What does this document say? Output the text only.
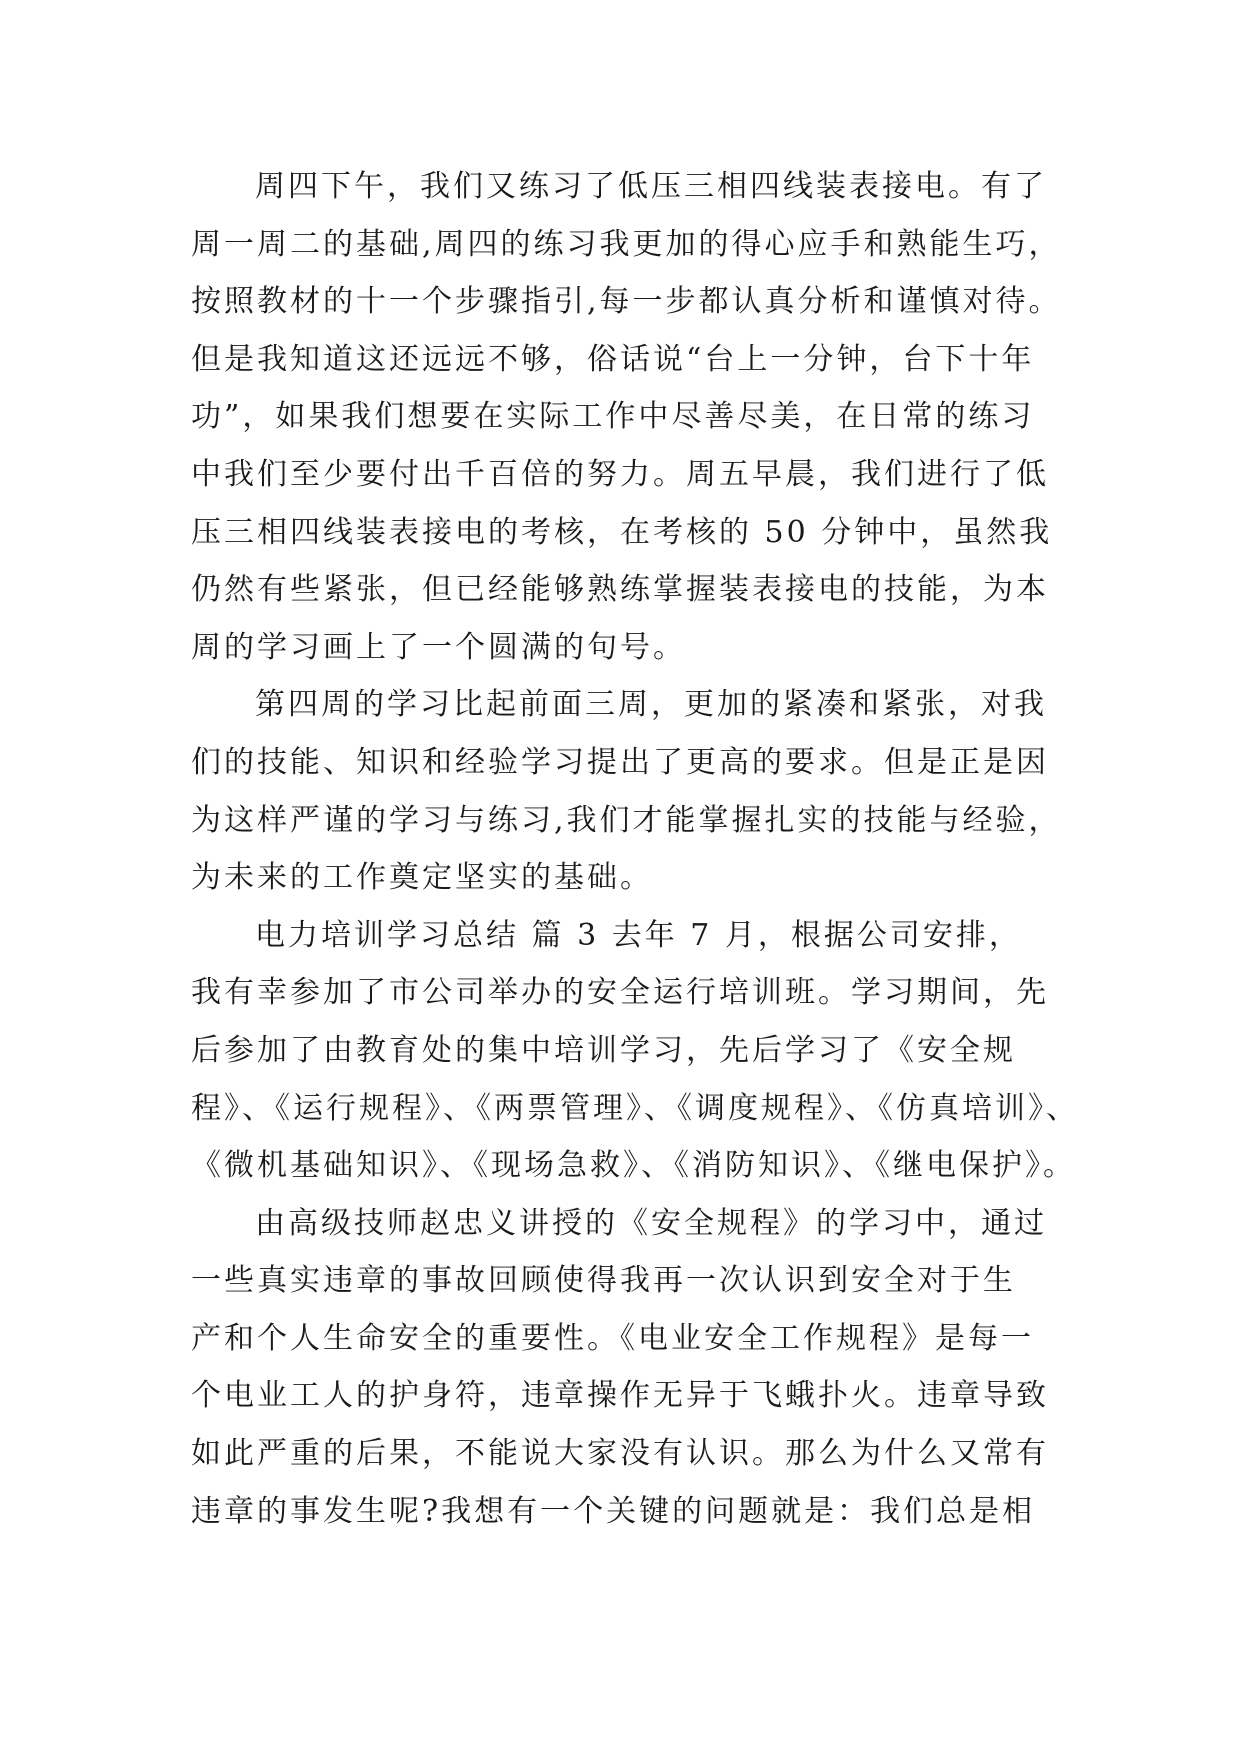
周四下午，我们又练习了低压三相四线装表接电。有了
周一周二的基础,周四的练习我更加的得心应手和熟能生巧，
按照教材的十一个步骤指引,每一步都认真分析和谨慎对待。
但是我知道这还远远不够，俗话说“台上一分钟，台下十年
功”，如果我们想要在实际工作中尽善尽美，在日常的练习
中我们至少要付出千百倍的努力。周五早晨，我们进行了低
压三相四线装表接电的考核，在考核的 50 分钟中，虽然我
仍然有些紧张，但已经能够熟练掌握装表接电的技能，为本
周的学习画上了一个圆满的句号。
第四周的学习比起前面三周，更加的紧凑和紧张，对我
们的技能、知识和经验学习提出了更高的要求。但是正是因
为这样严谨的学习与练习,我们才能掌握扎实的技能与经验，
为未来的工作奠定坚实的基础。
电力培训学习总结 篇 3 去年 7 月，根据公司安排，
我有幸参加了市公司举办的安全运行培训班。学习期间，先
后参加了由教育处的集中培训学习，先后学习了《安全规
程》、《运行规程》、《两票管理》、《调度规程》、《仿真培训》、
《微机基础知识》、《现场急救》、《消防知识》、《继电保护》。
由高级技师赵忠义讲授的《安全规程》的学习中，通过
一些真实违章的事故回顾使得我再一次认识到安全对于生
产和个人生命安全的重要性。《电业安全工作规程》是每一
个电业工人的护身符，违章操作无异于飞蛾扑火。违章导致
如此严重的后果，不能说大家没有认识。那么为什么又常有
违章的事发生呢?我想有一个关键的问题就是：我们总是相
